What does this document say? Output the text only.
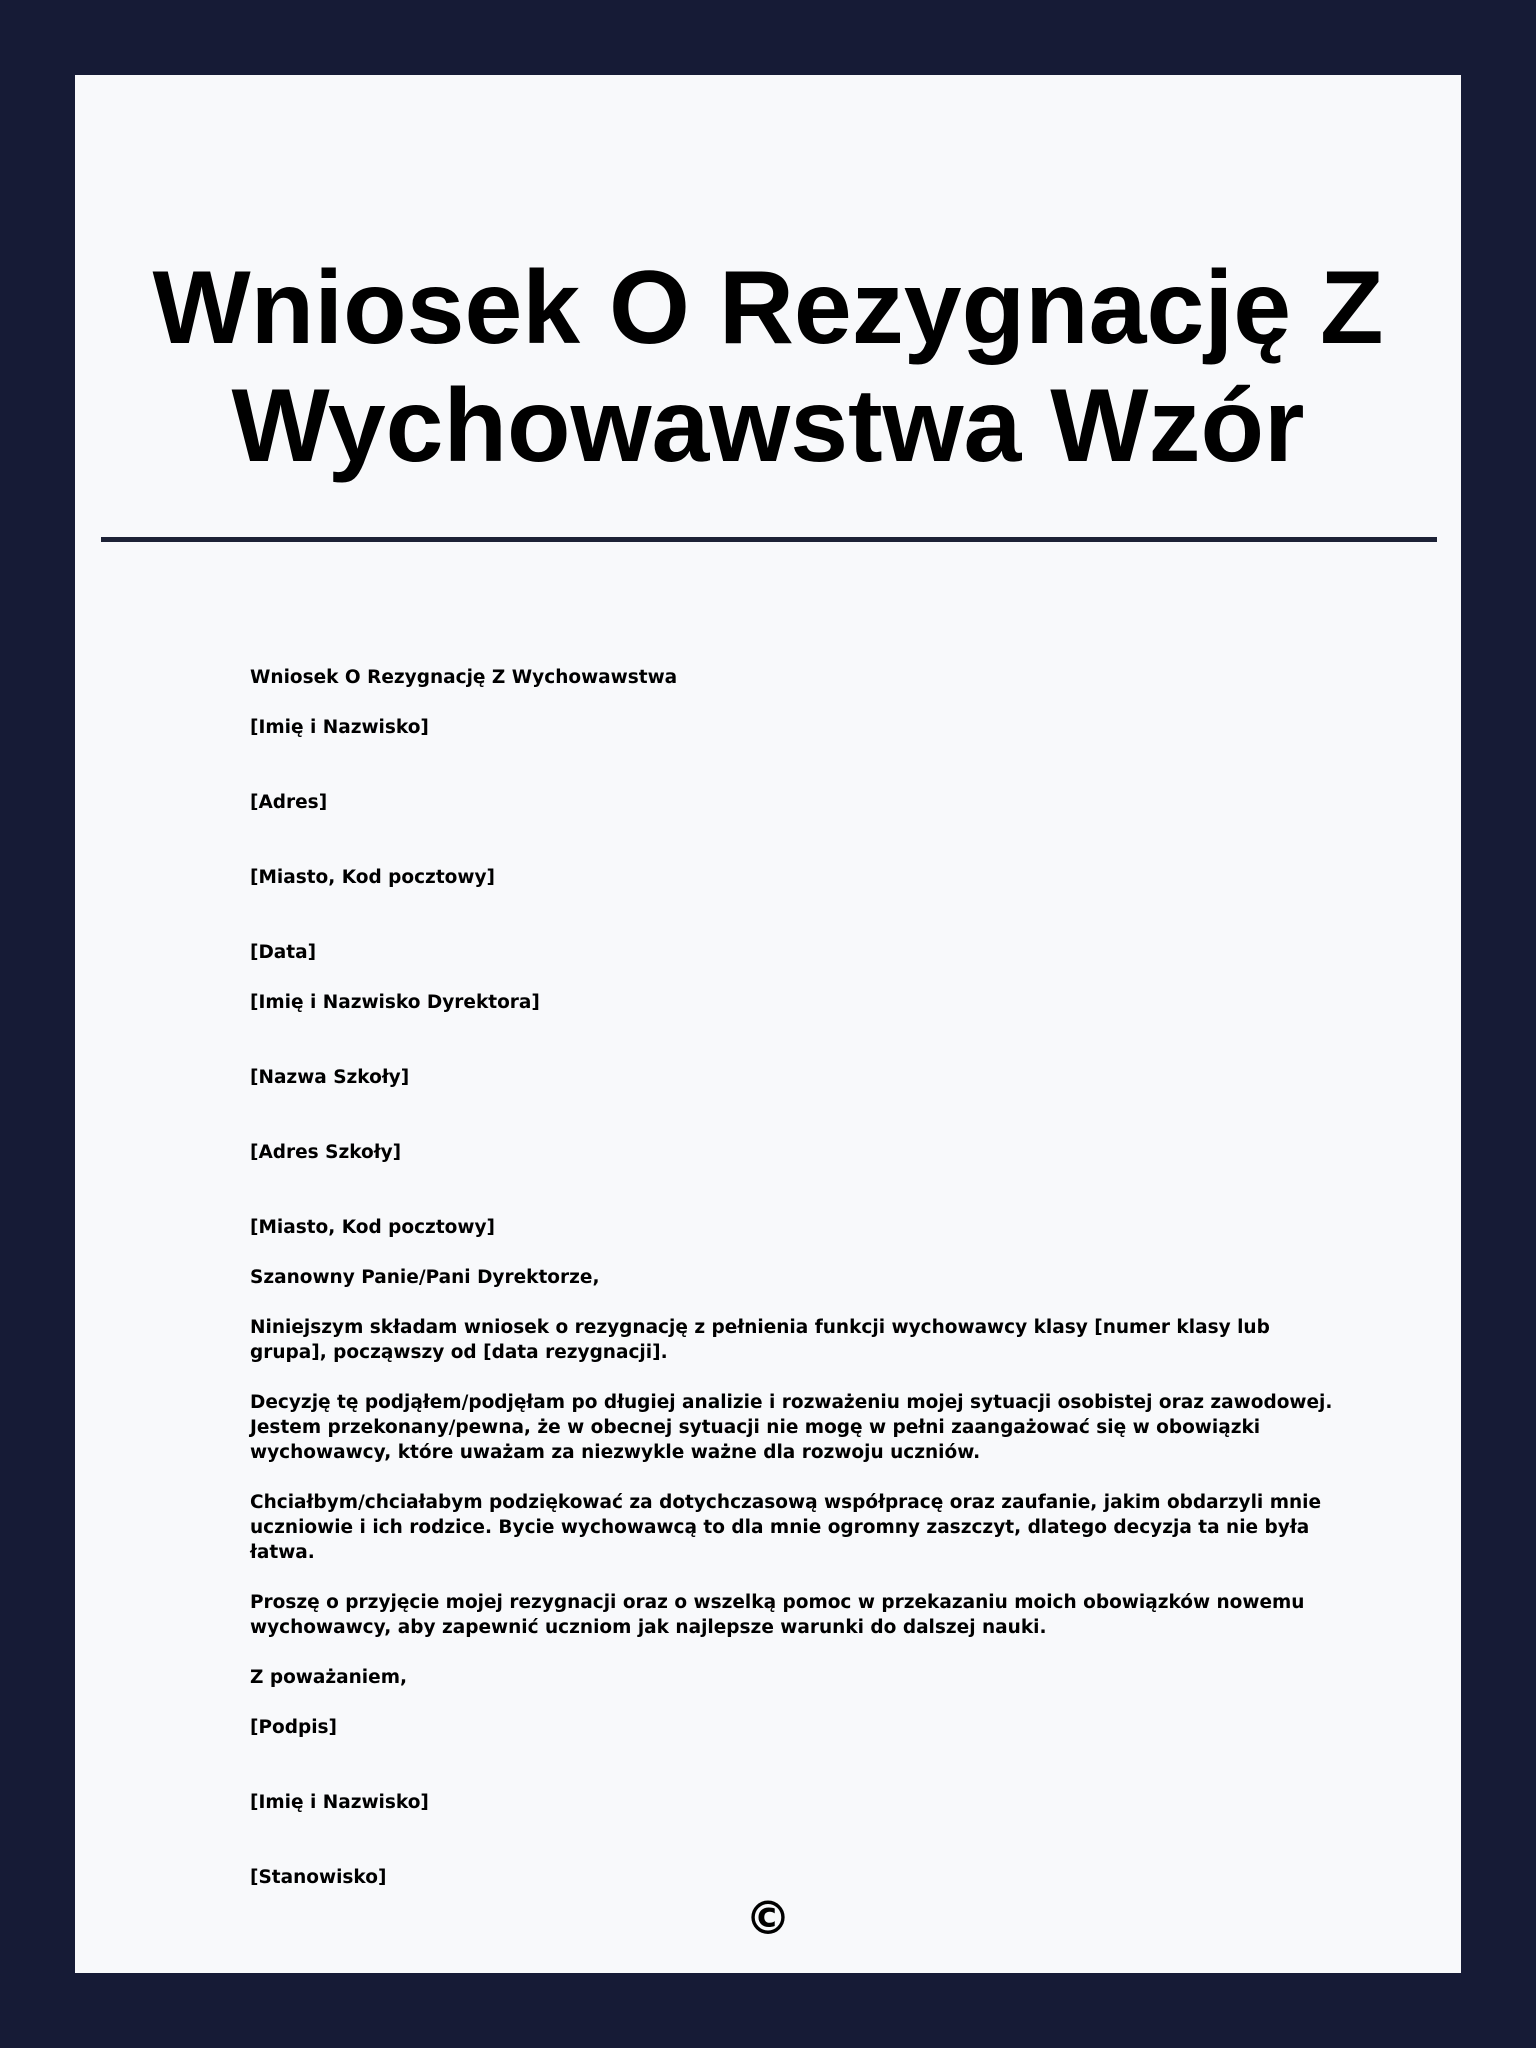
Wniosek O Rezygnację Z Wychowawstwa Wzór

Wniosek O Rezygnację Z Wychowawstwa

[Imię i Nazwisko]

[Adres]

[Miasto, Kod pocztowy]

[Data]

[Imię i Nazwisko Dyrektora]

[Nazwa Szkoły]

[Adres Szkoły]

[Miasto, Kod pocztowy]

Szanowny Panie/Pani Dyrektorze,

Niniejszym składam wniosek o rezygnację z pełnienia funkcji wychowawcy klasy [numer klasy lub grupa], począwszy od [data rezygnacji].

Decyzję tę podjąłem/podjęłam po długiej analizie i rozważeniu mojej sytuacji osobistej oraz zawodowej. Jestem przekonany/pewna, że w obecnej sytuacji nie mogę w pełni zaangażować się w obowiązki wychowawcy, które uważam za niezwykle ważne dla rozwoju uczniów.

Chciałbym/chciałabym podziękować za dotychczasową współpracę oraz zaufanie, jakim obdarzyli mnie uczniowie i ich rodzice. Bycie wychowawcą to dla mnie ogromny zaszczyt, dlatego decyzja ta nie była łatwa.

Proszę o przyjęcie mojej rezygnacji oraz o wszelką pomoc w przekazaniu moich obowiązków nowemu wychowawcy, aby zapewnić uczniom jak najlepsze warunki do dalszej nauki.

Z poważaniem,

[Podpis]

[Imię i Nazwisko]

[Stanowisko]

©
